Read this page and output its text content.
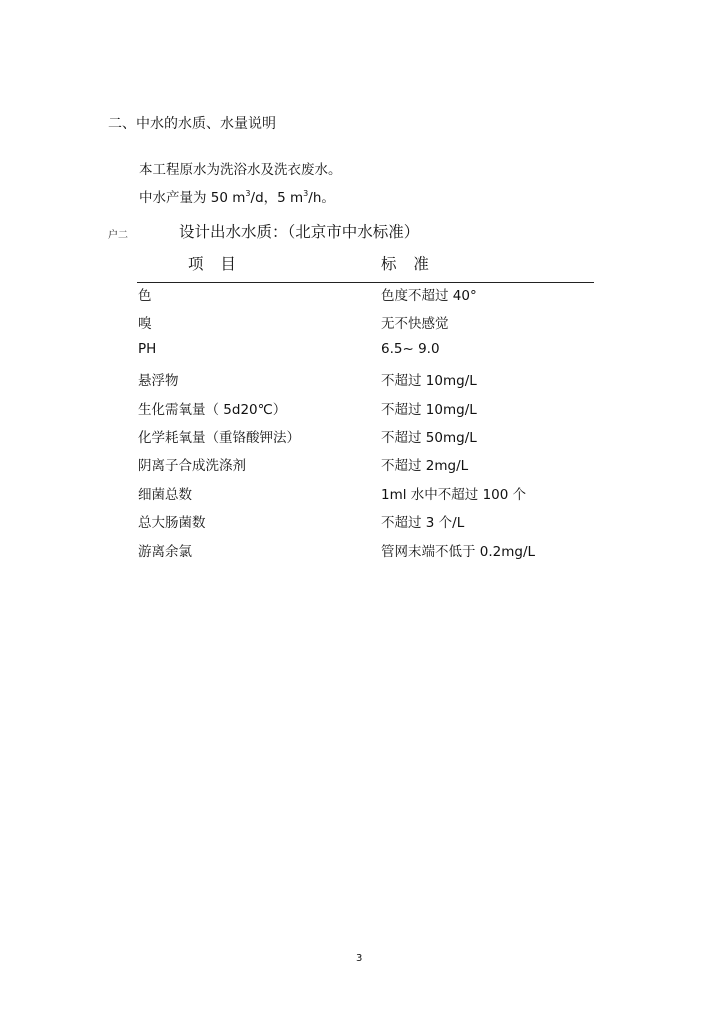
二、中水的水质、水量说明
本工程原水为洗浴水及洗衣废水。
中水产量为 50 $m^3/d$，5 $m^3/h$。
户二	设计出水水质：（北京市中水标准）
项 目	标 准
色	色度不超过 40°
嗅	无不快感觉
PH	6.5~ 9.0
悬浮物	不超过 10mg/L
生化需氧量（ 5d20℃）	不超过 10mg/L
化学耗氧量（重铬酸钾法）	不超过 50mg/L
阴离子合成洗涤剂	不超过 2mg/L
细菌总数	1ml 水中不超过 100 个
总大肠菌数	不超过 3 个/L
游离余氯	管网末端不低于 0.2mg/L
3
